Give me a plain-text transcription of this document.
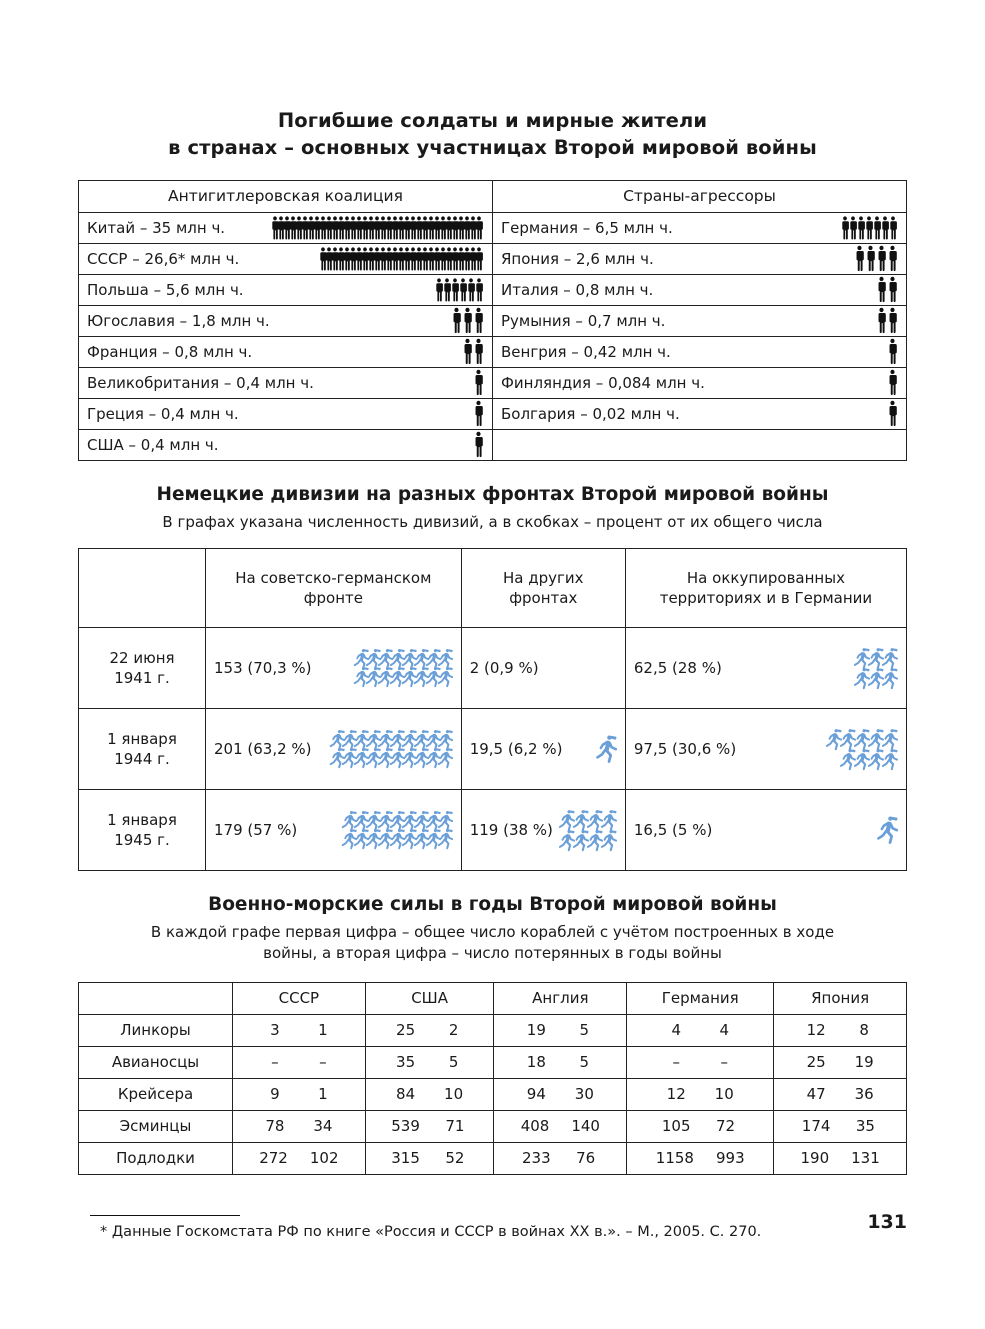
Погибшие солдаты и мирные жители
в странах – основных участницах Второй мировой войны
Антигитлеровская коалиция	Страны-агрессоры

Китай – 35 млн ч.	Германия – 6,5 млн ч.

СССР – 26,6* млн ч.	Япония – 2,6 млн ч.

Польша – 5,6 млн ч.	Италия – 0,8 млн ч.

Югославия – 1,8 млн ч.	Румыния – 0,7 млн ч.

Франция – 0,8 млн ч.	Венгрия – 0,42 млн ч.

Великобритания – 0,4 млн ч.	Финляндия – 0,084 млн ч.

Греция – 0,4 млн ч.	Болгария – 0,02 млн ч.

США – 0,4 млн ч.	

Немецкие дивизии на разных фронтах Второй мировой войны
В графах указана численность дивизий, а в скобках – процент от их общего числа
	На советско-германском фронте	На других фронтах	На оккупированных территориях и в Германии
22 июня
1941 г.	153 (70,3 %)	2 (0,9 %)	62,5 (28 %)

1 января
1944 г.	201 (63,2 %)	19,5 (6,2 %)	97,5 (30,6 %)

1 января
1945 г.	179 (57 %)	119 (38 %)	16,5 (5 %)
Военно-морские силы в годы Второй мировой войны
В каждой графе первая цифра – общее число кораблей с учётом построенных в ходе
войны, а вторая цифра – число потерянных в годы войны
	СССР	США	Англия	Германия	Япония
Линкоры	3 1	25 2	19 5	4 4	12 8

Авианосцы	– –	35 5	18 5	– –	25 19

Крейсера	9 1	84 10	94 30	12 10	47 36

Эсминцы	78 34	539 71	408 140	105 72	174 35

Подлодки	272 102	315 52	233 76	1158 993	190 131
* Данные Госкомстата РФ по книге «Россия и СССР в войнах XX в.». – М., 2005. С. 270.	131
